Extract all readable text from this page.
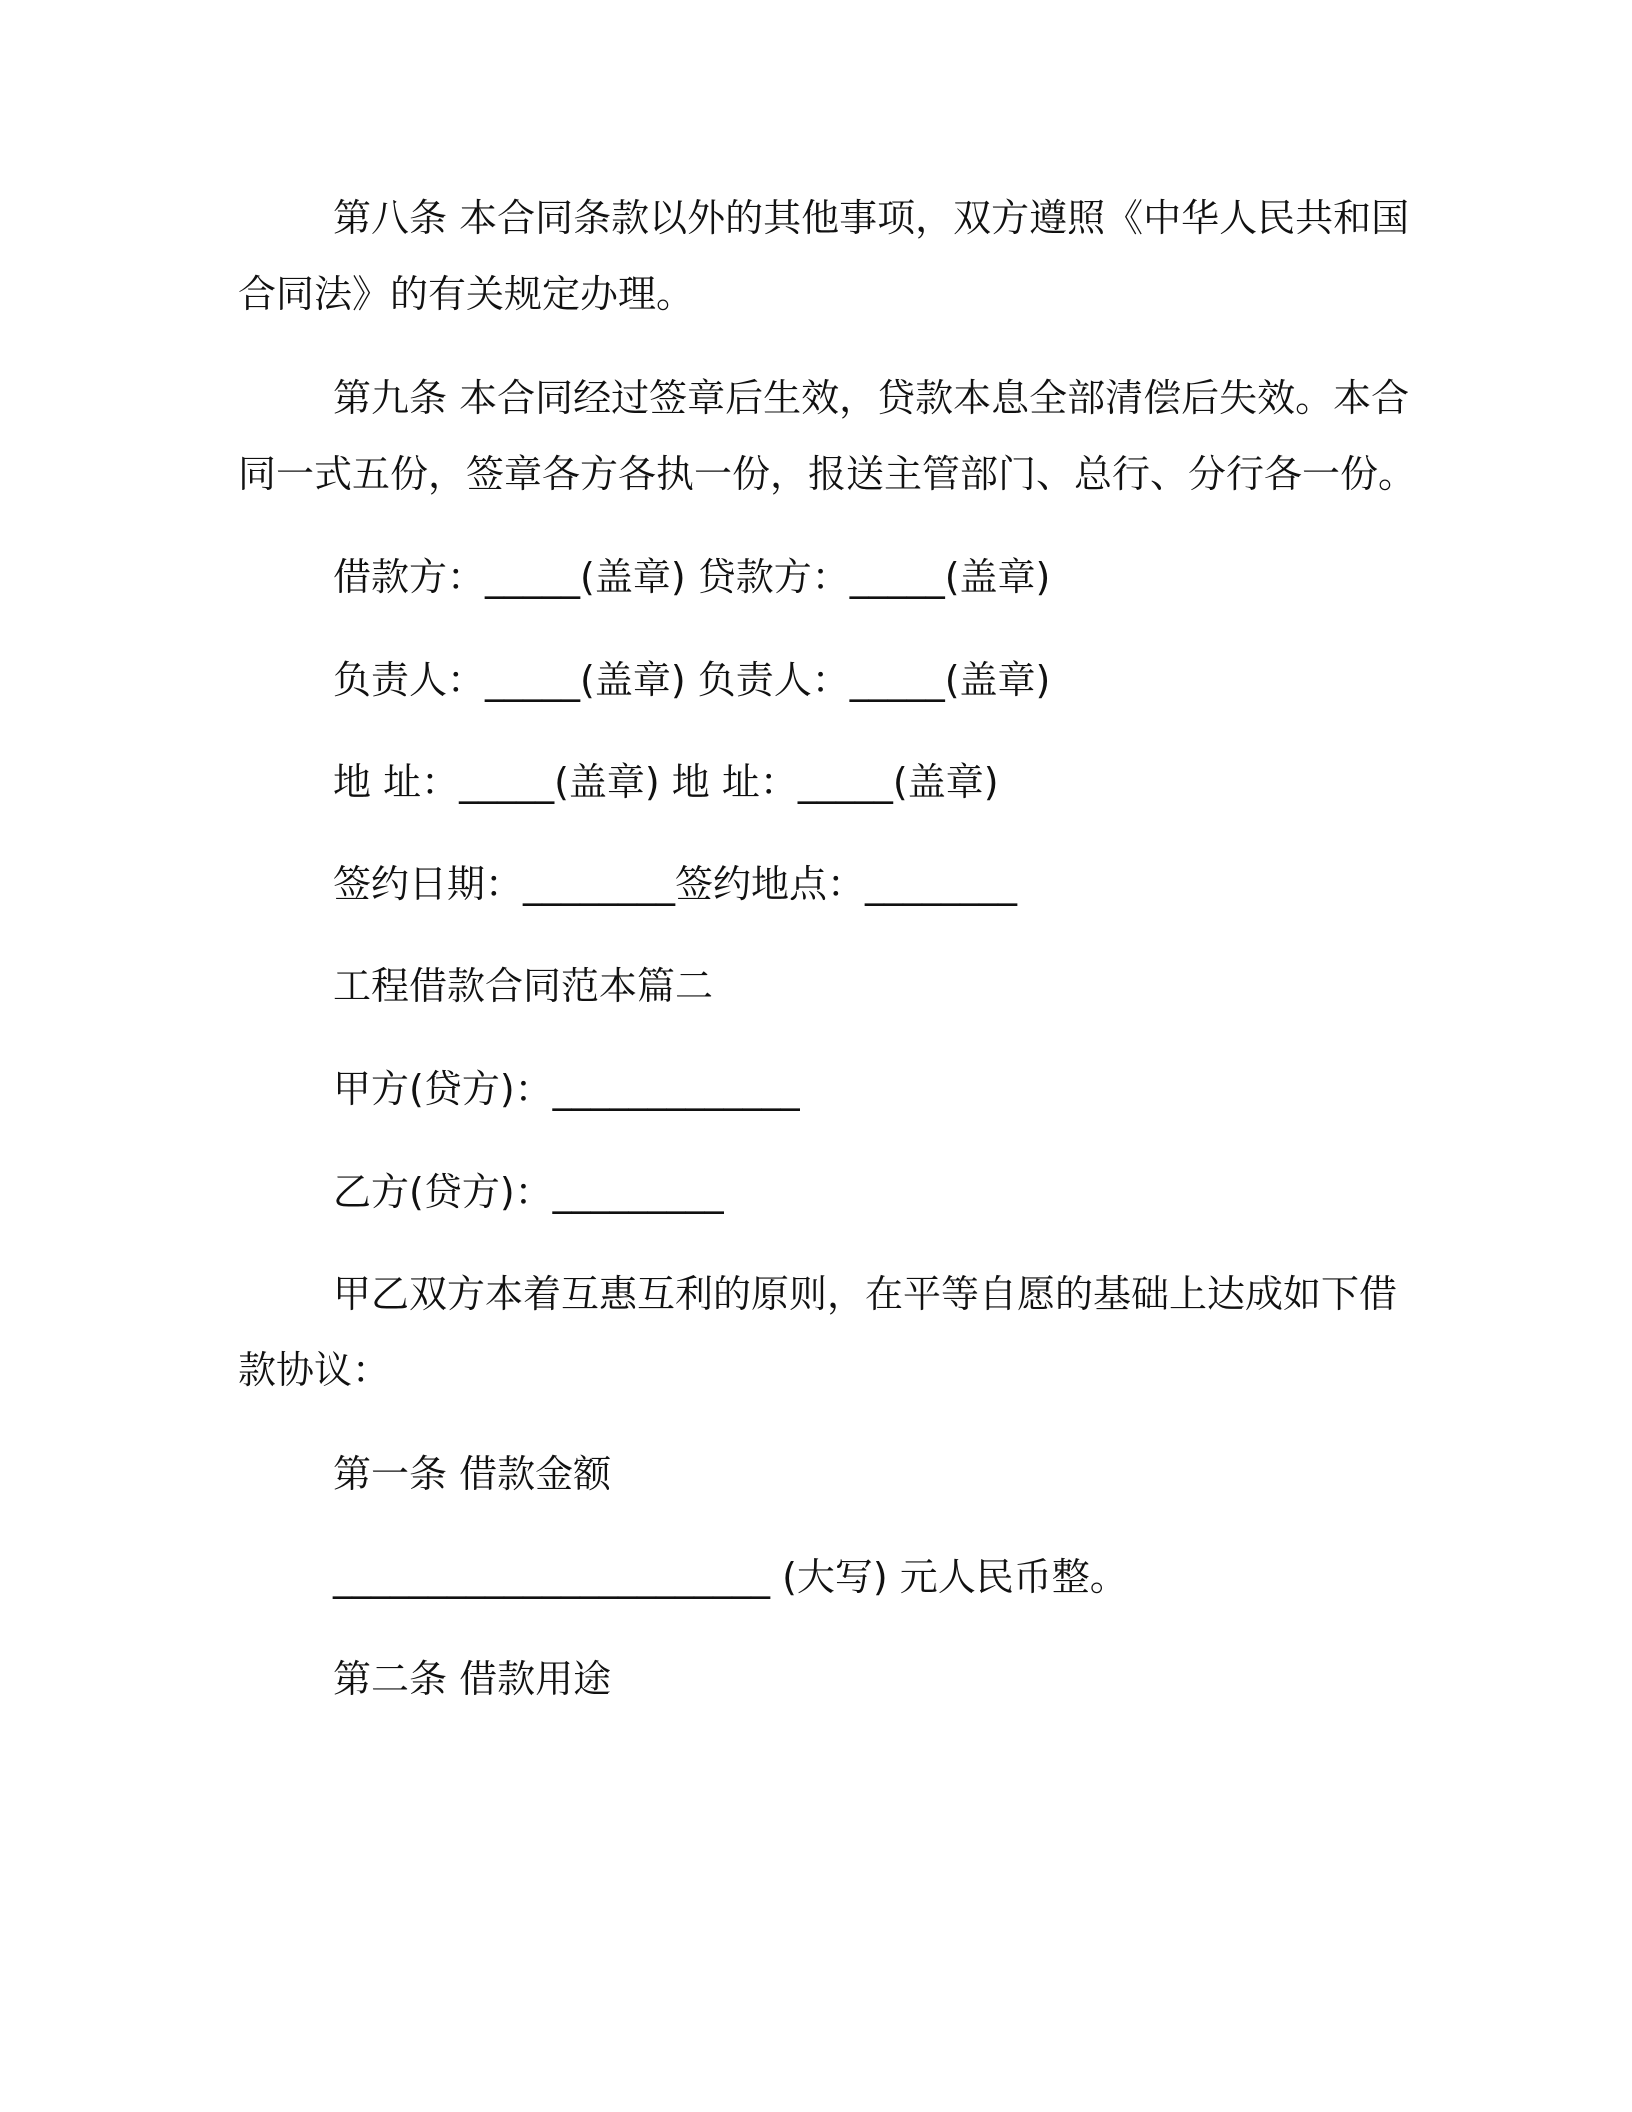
第八条 本合同条款以外的其他事项，双方遵照《中华人民共和国
合同法》的有关规定办理。
第九条 本合同经过签章后生效，贷款本息全部清偿后失效。本合
同一式五份，签章各方各执一份，报送主管部门、总行、分行各一份。
借款方：_____(盖章) 贷款方：_____(盖章)
负责人：_____(盖章) 负责人：_____(盖章)
地 址：_____(盖章) 地 址：_____(盖章)
签约日期：________签约地点：________
工程借款合同范本篇二
甲方(贷方)：_____________
乙方(贷方)：_________
甲乙双方本着互惠互利的原则，在平等自愿的基础上达成如下借
款协议：
第一条 借款金额
_______________________ (大写) 元人民币整。
第二条 借款用途
